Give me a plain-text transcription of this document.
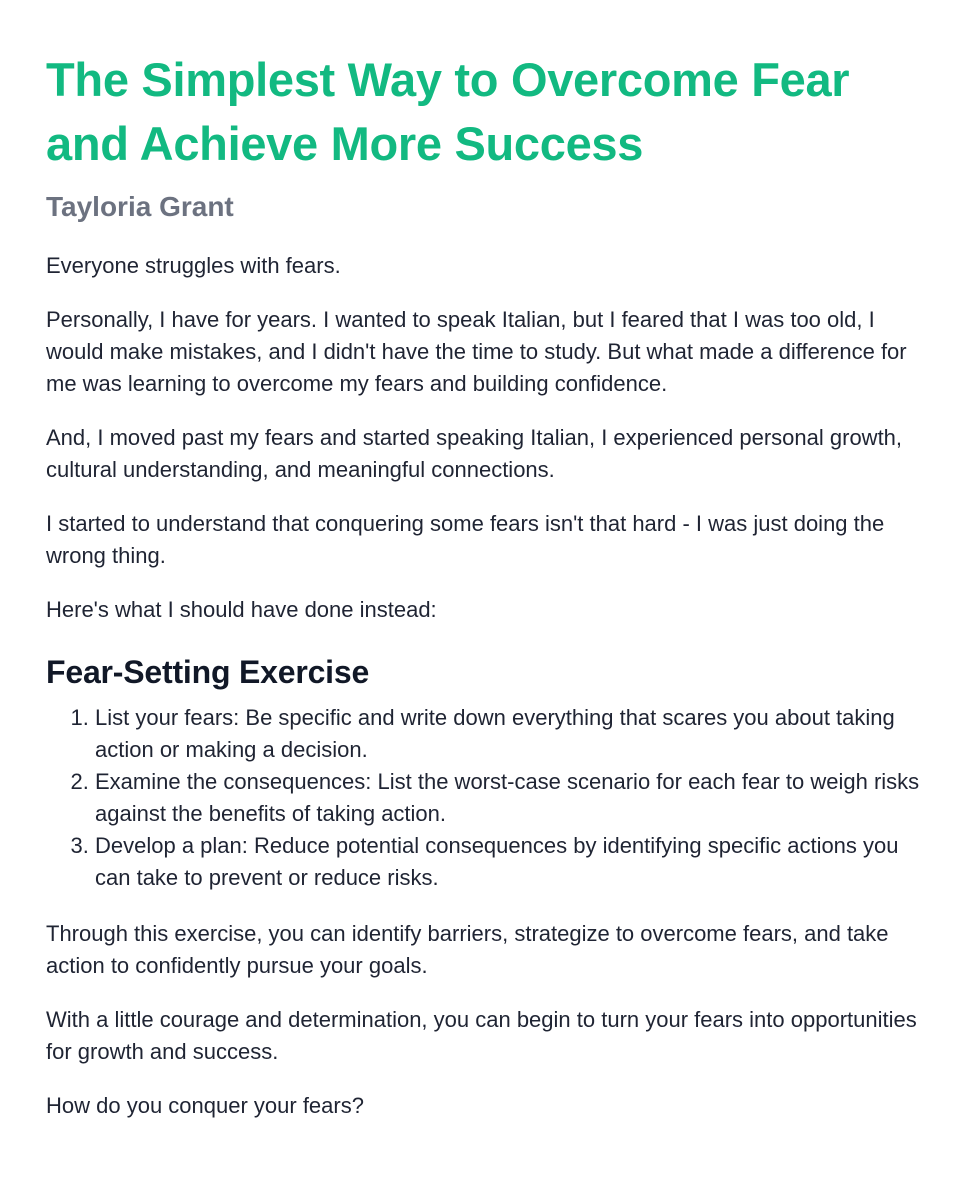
The Simplest Way to Overcome Fear and Achieve More Success
Tayloria Grant

Everyone struggles with fears.

Personally, I have for years. I wanted to speak Italian, but I feared that I was too old, I would make mistakes, and I didn't have the time to study. But what made a difference for me was learning to overcome my fears and building confidence.

And, I moved past my fears and started speaking Italian, I experienced personal growth, cultural understanding, and meaningful connections.

I started to understand that conquering some fears isn't that hard - I was just doing the wrong thing.

Here's what I should have done instead:

Fear-Setting Exercise
1. List your fears: Be specific and write down everything that scares you about taking action or making a decision.
2. Examine the consequences: List the worst-case scenario for each fear to weigh risks against the benefits of taking action.
3. Develop a plan: Reduce potential consequences by identifying specific actions you can take to prevent or reduce risks.

Through this exercise, you can identify barriers, strategize to overcome fears, and take action to confidently pursue your goals.

With a little courage and determination, you can begin to turn your fears into opportunities for growth and success.

How do you conquer your fears?
